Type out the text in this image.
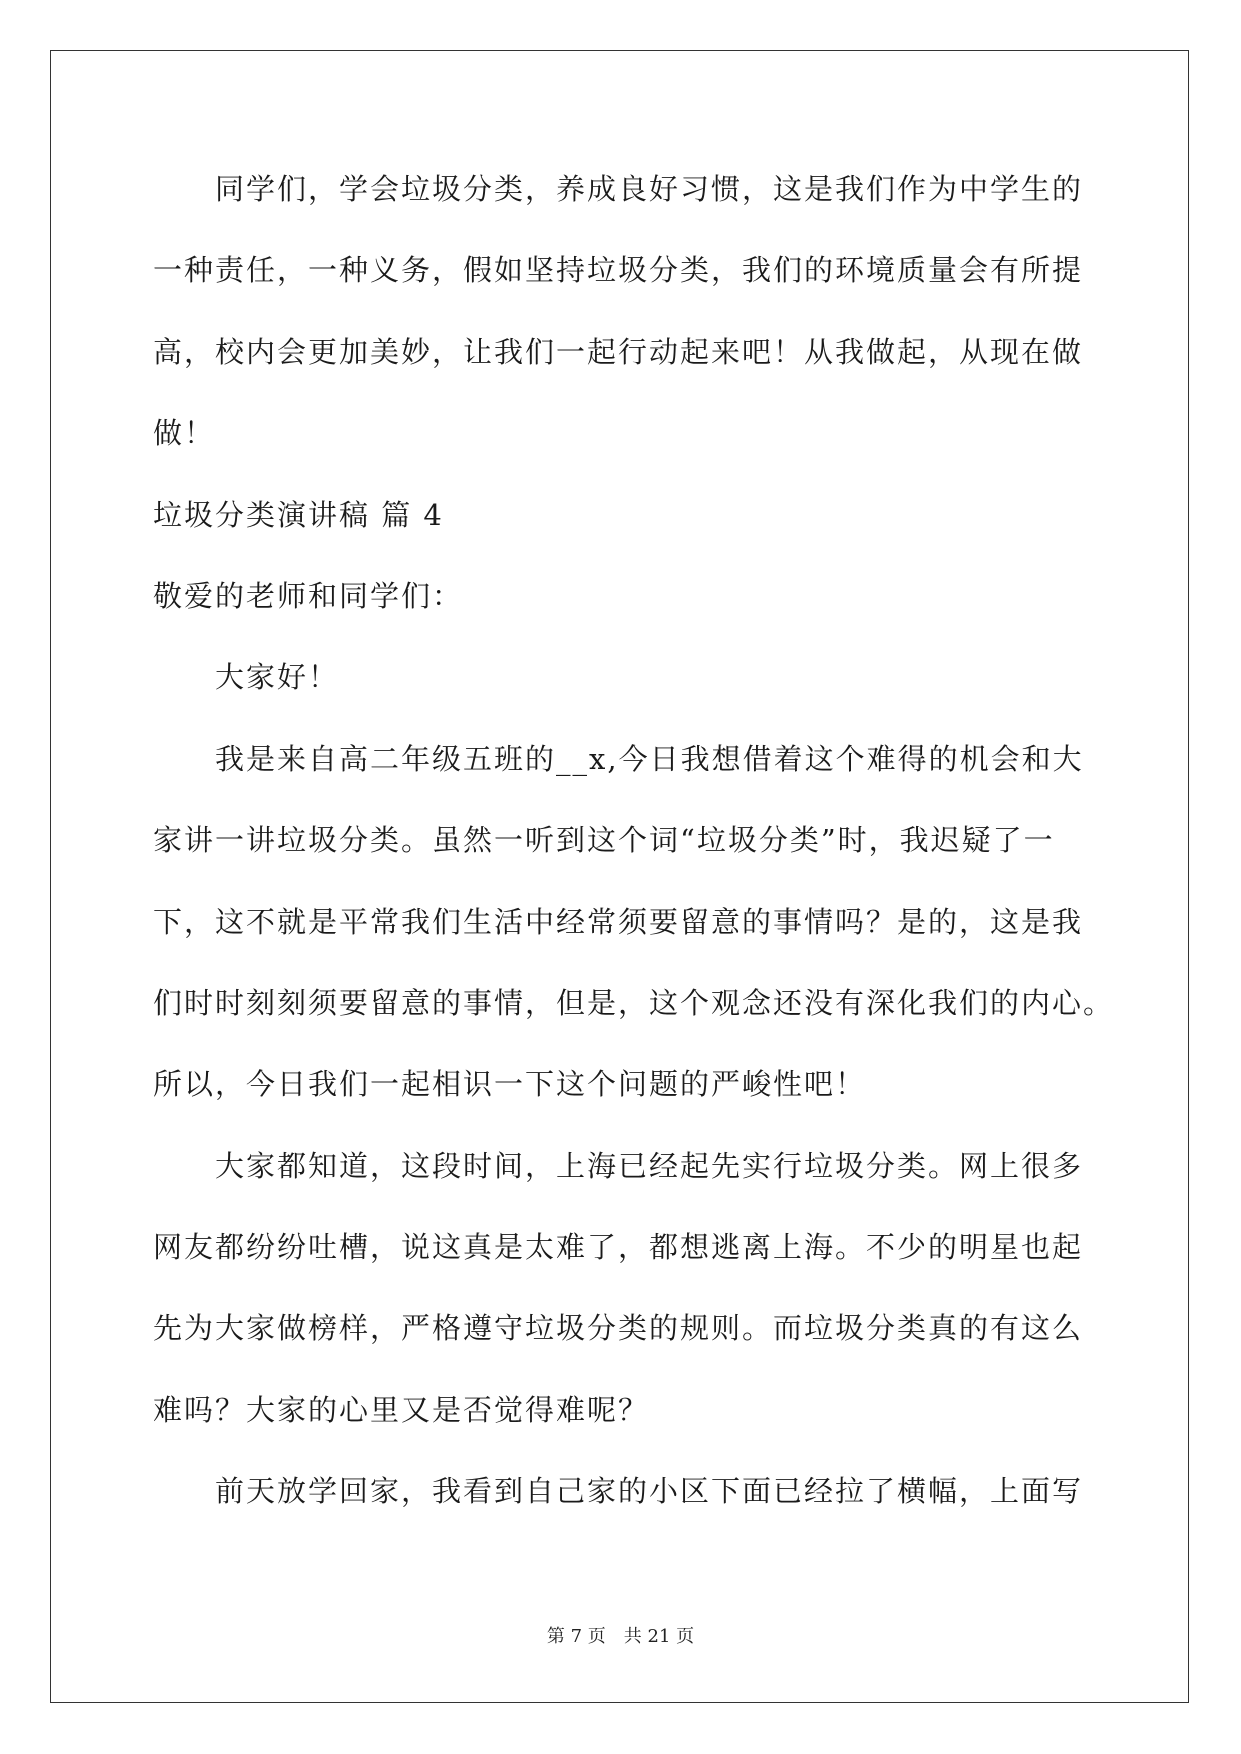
同学们，学会垃圾分类，养成良好习惯，这是我们作为中学生的
一种责任，一种义务，假如坚持垃圾分类，我们的环境质量会有所提
高，校内会更加美妙，让我们一起行动起来吧！从我做起，从现在做
做！
垃圾分类演讲稿 篇 4
敬爱的老师和同学们：
大家好！
我是来自高二年级五班的__x,今日我想借着这个难得的机会和大
家讲一讲垃圾分类。虽然一听到这个词“垃圾分类”时，我迟疑了一
下，这不就是平常我们生活中经常须要留意的事情吗？是的，这是我
们时时刻刻须要留意的事情，但是，这个观念还没有深化我们的内心。
所以，今日我们一起相识一下这个问题的严峻性吧！
大家都知道，这段时间，上海已经起先实行垃圾分类。网上很多
网友都纷纷吐槽，说这真是太难了，都想逃离上海。不少的明星也起
先为大家做榜样，严格遵守垃圾分类的规则。而垃圾分类真的有这么
难吗？大家的心里又是否觉得难呢？
前天放学回家，我看到自己家的小区下面已经拉了横幅，上面写
第 7 页　共 21 页
